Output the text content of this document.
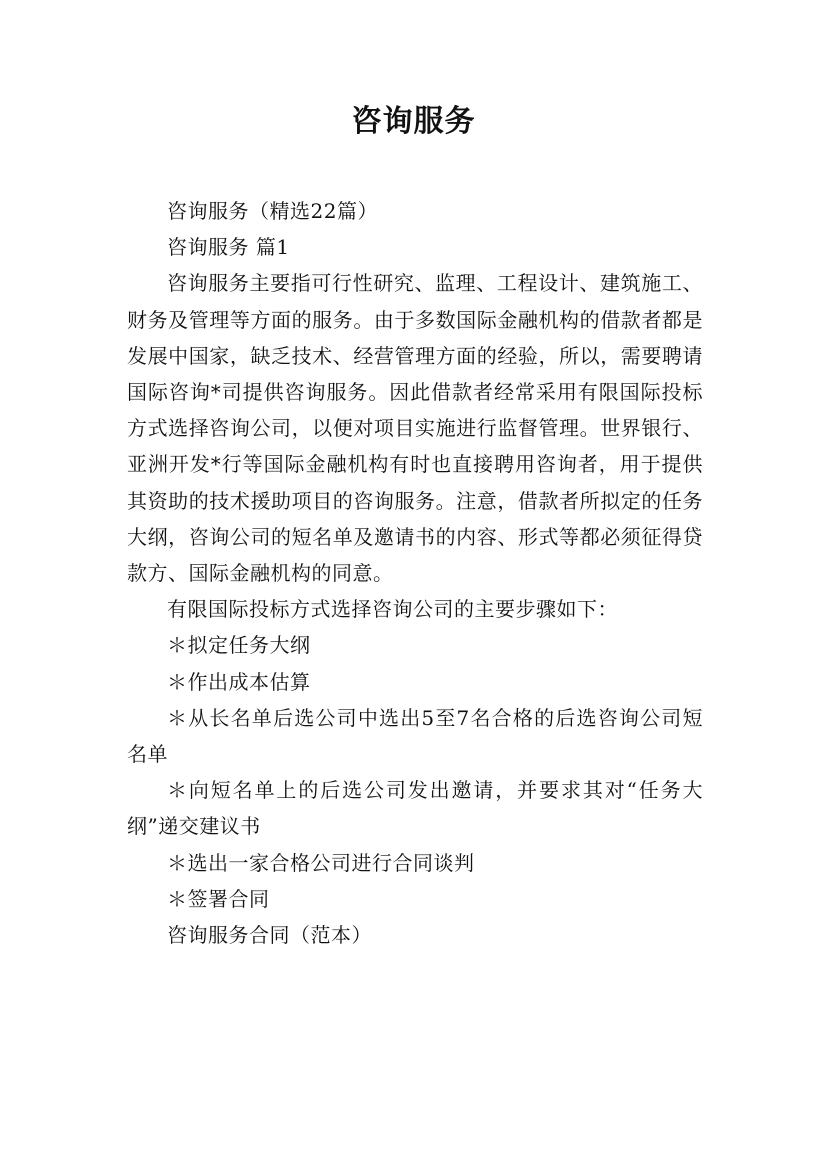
咨询服务

咨询服务（精选22篇）

咨询服务 篇1

咨询服务主要指可行性研究、监理、工程设计、建筑施工、财务及管理等方面的服务。由于多数国际金融机构的借款者都是发展中国家，缺乏技术、经营管理方面的经验，所以，需要聘请国际咨询*司提供咨询服务。因此借款者经常采用有限国际投标方式选择咨询公司，以便对项目实施进行监督管理。世界银行、亚洲开发*行等国际金融机构有时也直接聘用咨询者，用于提供其资助的技术援助项目的咨询服务。注意，借款者所拟定的任务大纲，咨询公司的短名单及邀请书的内容、形式等都必须征得贷款方、国际金融机构的同意。

有限国际投标方式选择咨询公司的主要步骤如下：

＊拟定任务大纲

＊作出成本估算

＊从长名单后选公司中选出5至7名合格的后选咨询公司短名单

＊向短名单上的后选公司发出邀请，并要求其对“任务大纲”递交建议书

＊选出一家合格公司进行合同谈判

＊签署合同

咨询服务合同（范本）
